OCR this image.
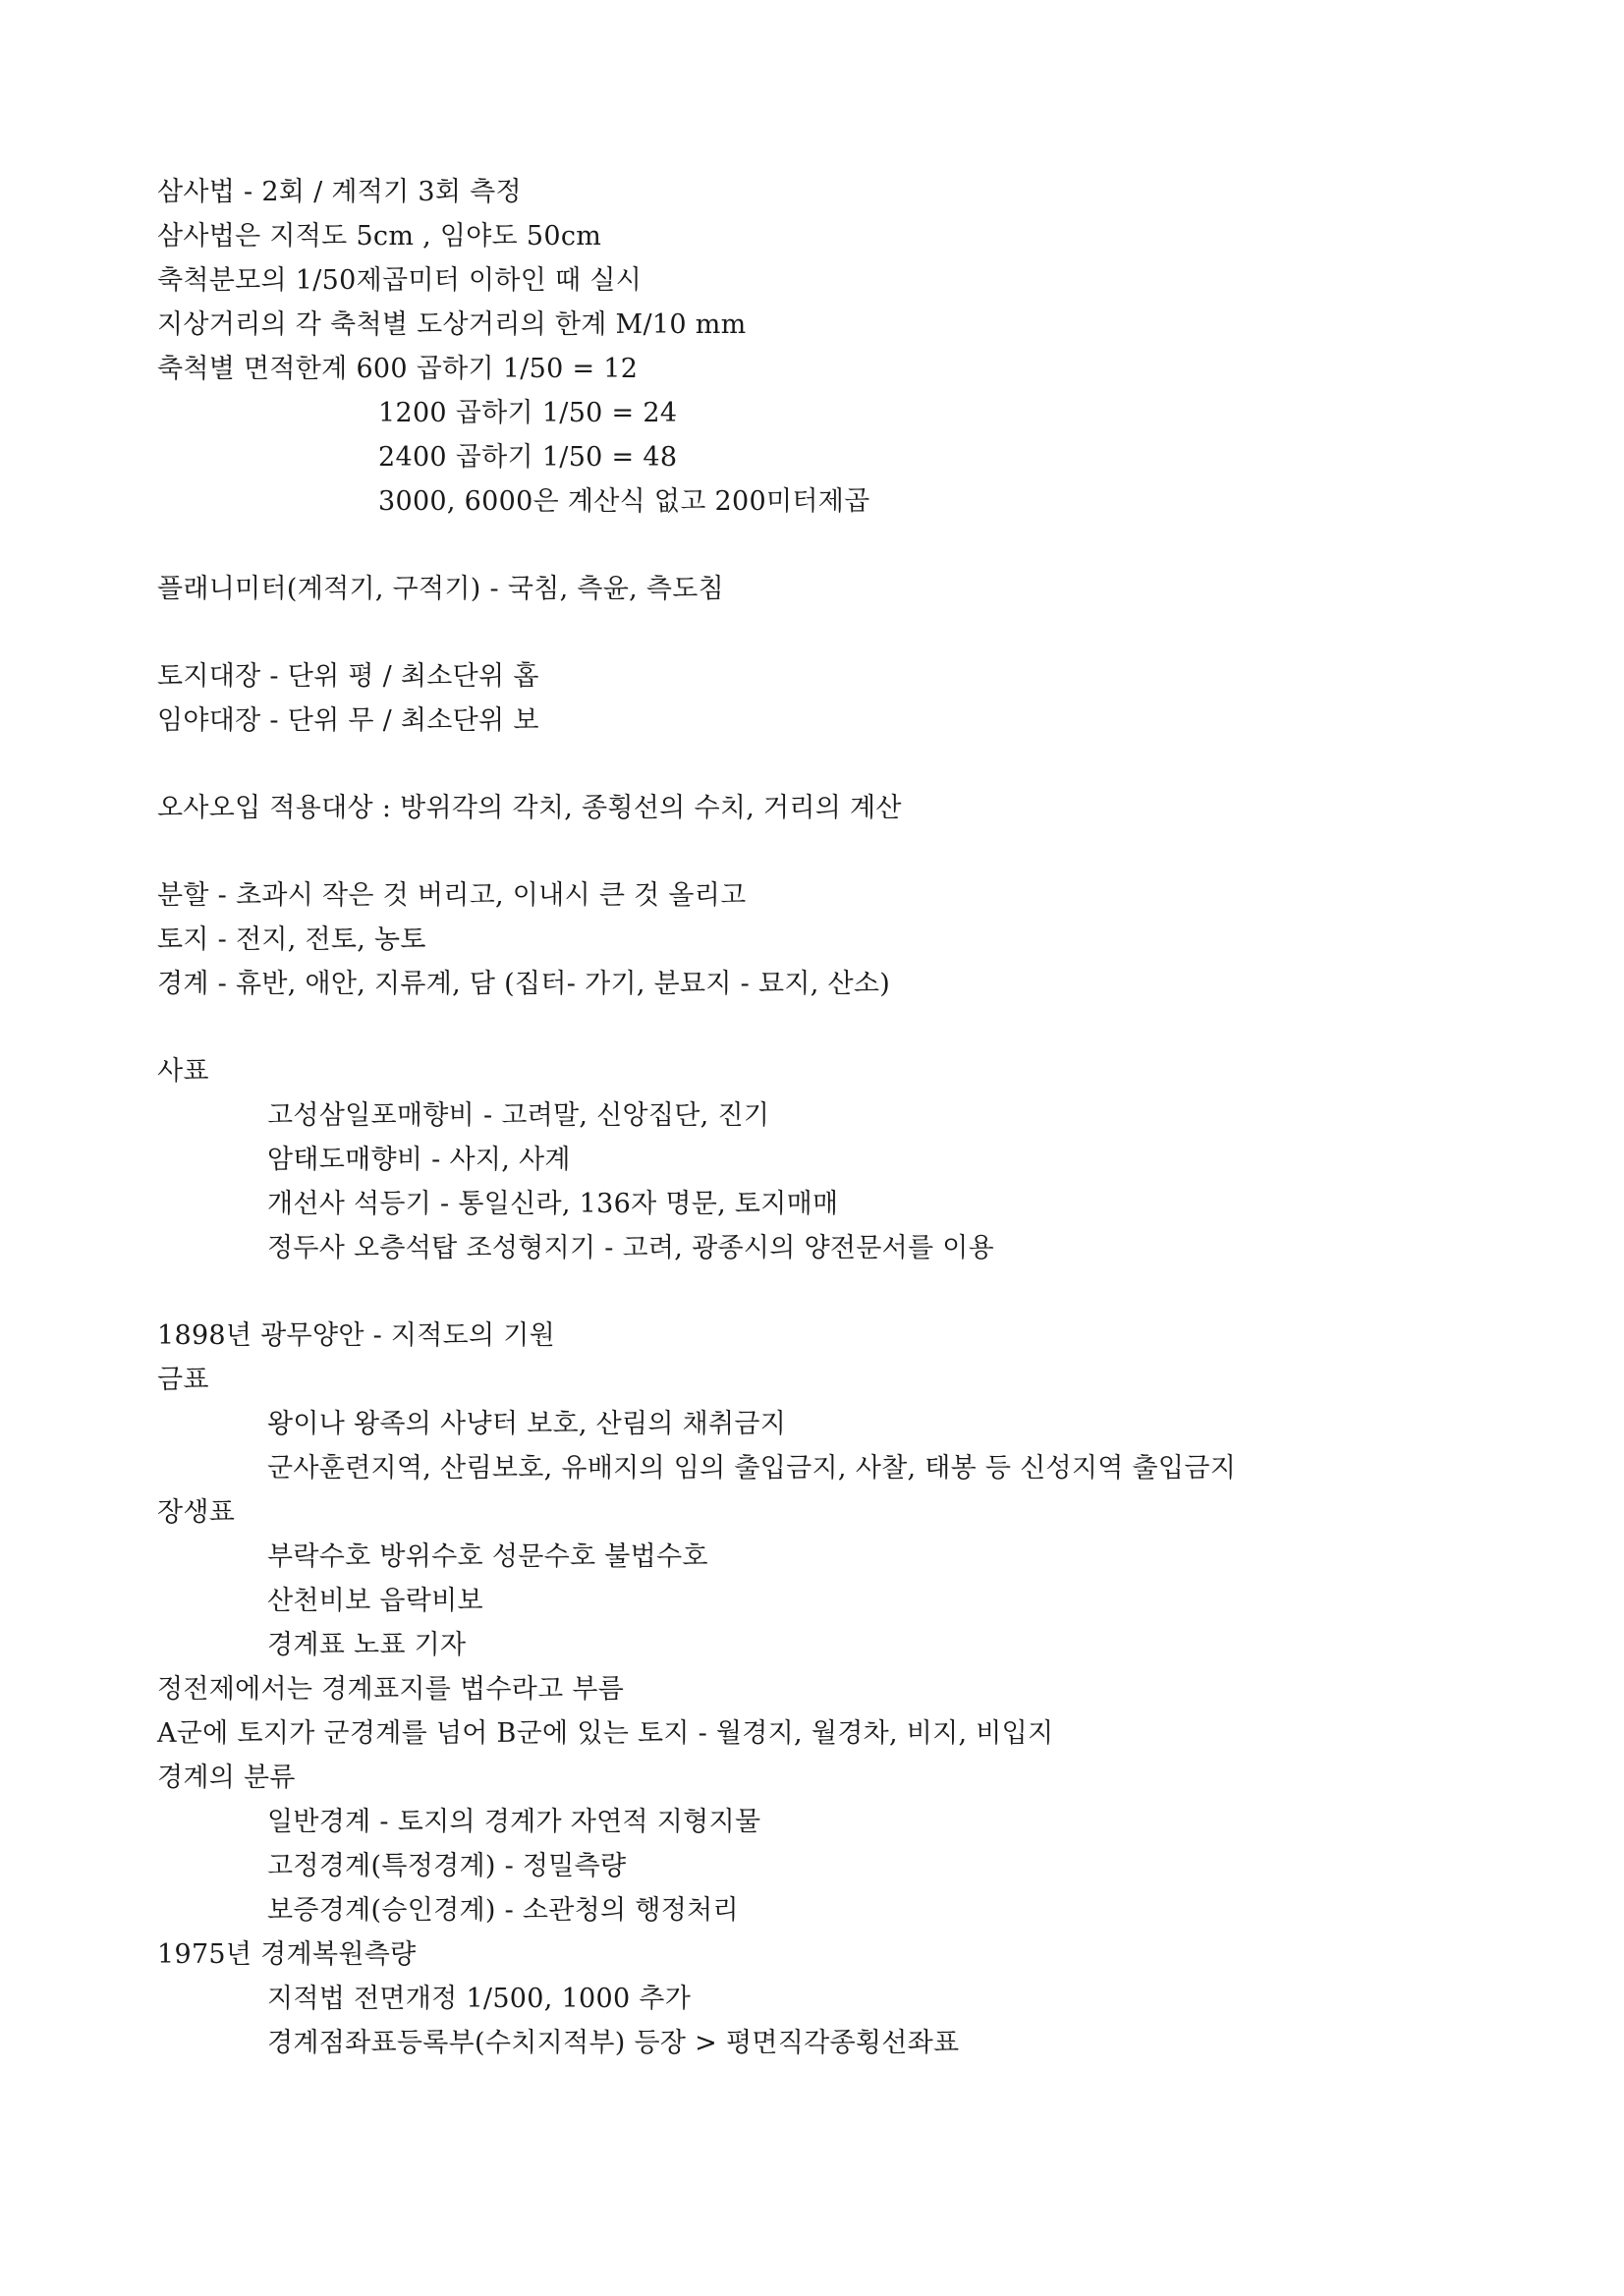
삼사법 - 2회 / 계적기 3회 측정
삼사법은 지적도 5cm , 임야도 50cm
축척분모의 1/50제곱미터 이하인 때 실시
지상거리의 각 축척별 도상거리의 한계 M/10 mm
축척별 면적한계 600 곱하기 1/50 = 12
1200 곱하기 1/50 = 24
2400 곱하기 1/50 = 48
3000, 6000은 계산식 없고 200미터제곱
플래니미터(계적기, 구적기) - 국침, 측윤, 측도침
토지대장 - 단위 평 / 최소단위 홉
임야대장 - 단위 무 / 최소단위 보
오사오입 적용대상 : 방위각의 각치, 종횡선의 수치, 거리의 계산
분할 - 초과시 작은 것 버리고, 이내시 큰 것 올리고
토지 - 전지, 전토, 농토
경계 - 휴반, 애안, 지류계, 담 (집터- 가기, 분묘지 - 묘지, 산소)
사표
고성삼일포매향비 - 고려말, 신앙집단, 진기
암태도매향비 - 사지, 사계
개선사 석등기 - 통일신라, 136자 명문, 토지매매
정두사 오층석탑 조성형지기 - 고려, 광종시의 양전문서를 이용
1898년 광무양안 - 지적도의 기원
금표
왕이나 왕족의 사냥터 보호, 산림의 채취금지
군사훈련지역, 산림보호, 유배지의 임의 출입금지, 사찰, 태봉 등 신성지역 출입금지
장생표
부락수호 방위수호 성문수호 불법수호
산천비보 읍락비보
경계표 노표 기자
정전제에서는 경계표지를 법수라고 부름
A군에 토지가 군경계를 넘어 B군에 있는 토지 - 월경지, 월경차, 비지, 비입지
경계의 분류
일반경계 - 토지의 경계가 자연적 지형지물
고정경계(특정경계) - 정밀측량
보증경계(승인경계) - 소관청의 행정처리
1975년 경계복원측량
지적법 전면개정 1/500, 1000 추가
경계점좌표등록부(수치지적부) 등장 > 평면직각종횡선좌표
